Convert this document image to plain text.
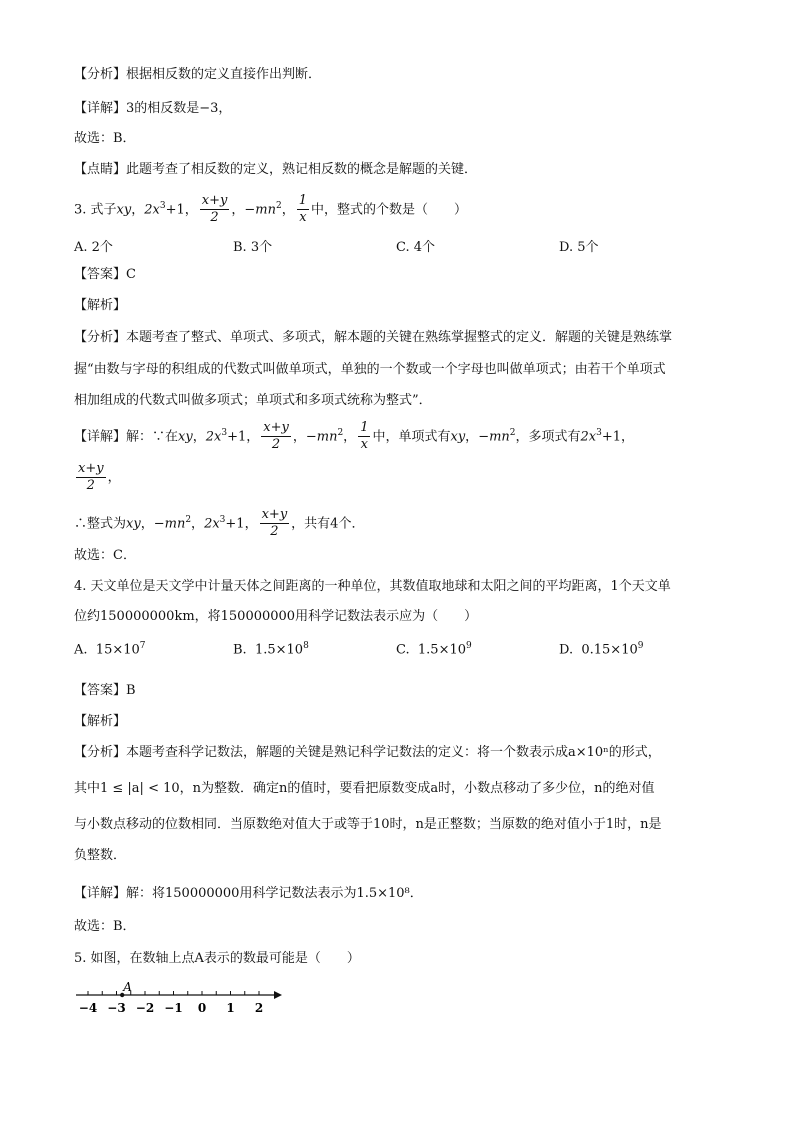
【分析】根据相反数的定义直接作出判断．
【详解】3的相反数是−3，
故选：B．
【点睛】此题考查了相反数的定义，熟记相反数的概念是解题的关键．
3. 式子xy，$2x^3+1$， $\frac{x+y}{2}$ ，$-mn^2$， $\frac{1}{x}$ 中，整式的个数是（　　）
A. 2个	B. 3个	C. 4个	D. 5个
【答案】C
【解析】
【分析】本题考查了整式、单项式、多项式，解本题的关键在熟练掌握整式的定义．解题的关键是熟练掌
握“由数与字母的积组成的代数式叫做单项式，单独的一个数或一个字母也叫做单项式；由若干个单项式
相加组成的代数式叫做多项式；单项式和多项式统称为整式”．
【详解】解：∵在xy，$2x^3+1$， $\frac{x+y}{2}$ ，$-mn^2$， $\frac{1}{x}$ 中，单项式有xy，$-mn^2$，多项式有$2x^3+1$，
$\frac{x+y}{2}$ ，
∴整式为xy，$-mn^2$，$2x^3+1$， $\frac{x+y}{2}$ ，共有4个．
故选：C．
4. 天文单位是天文学中计量天体之间距离的一种单位，其数值取地球和太阳之间的平均距离，1个天文单
位约150000000km，将150000000用科学记数法表示应为（　　）
A. $15\times 10^7$	B. $1.5\times 10^8$	C. $1.5\times 10^9$	D. $0.15\times 10^9$
【答案】B
【解析】
【分析】本题考查科学记数法，解题的关键是熟记科学记数法的定义：将一个数表示成a×10ⁿ的形式，
其中1 ≤ |a| < 10，n为整数．确定n的值时，要看把原数变成a时，小数点移动了多少位，n的绝对值
与小数点移动的位数相同．当原数绝对值大于或等于10时，n是正整数；当原数的绝对值小于1时，n是
负整数．
【详解】解：将150000000用科学记数法表示为1.5×10⁸．
故选：B．
5. 如图，在数轴上点A表示的数最可能是（　　）
−4 −3 −2 −1 0 1 2
A
